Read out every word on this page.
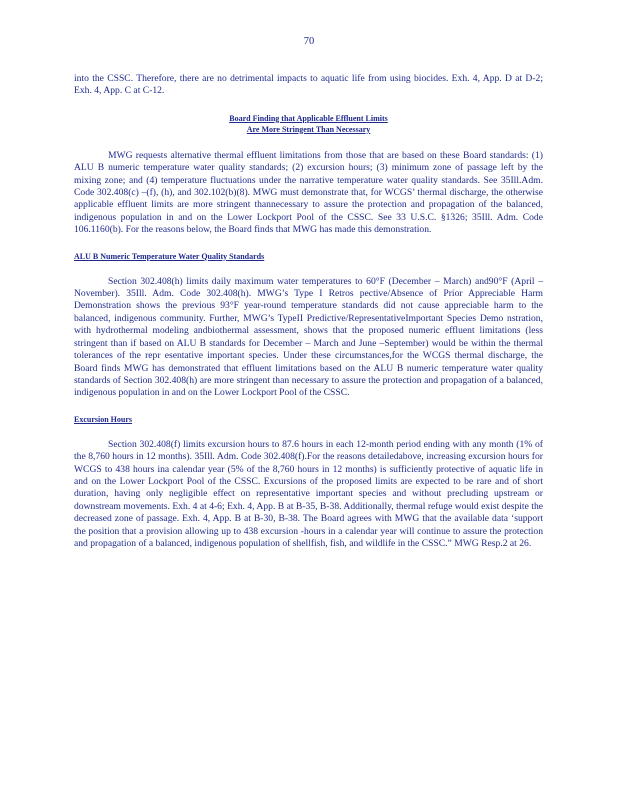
70

into the CSSC. Therefore, there are no detrimental impacts to aquatic life from using biocides. Exh. 4, App. D at D-2; Exh. 4, App. C at C-12.

Board Finding that Applicable Effluent Limits
Are More Stringent Than Necessary

MWG requests alternative thermal effluent limitations from those that are based on these Board standards: (1) ALU B numeric temperature water quality standards; (2) excursion hours; (3) minimum zone of passage left by the mixing zone; and (4) temperature fluctuations under the narrative temperature water quality standards. See 35Ill.Adm. Code 302.408(c) –(f), (h), and 302.102(b)(8). MWG must demonstrate that, for WCGS’ thermal discharge, the otherwise applicable effluent limits are more stringent thannecessary to assure the protection and propagation of the balanced, indigenous population in and on the Lower Lockport Pool of the CSSC. See 33 U.S.C. §1326; 35Ill. Adm. Code 106.1160(b). For the reasons below, the Board finds that MWG has made this demonstration.

ALU B Numeric Temperature Water Quality Standards

Section 302.408(h) limits daily maximum water temperatures to 60°F (December – March) and90°F (April – November). 35Ill. Adm. Code 302.408(h). MWG’s Type I Retros pective/Absence of Prior Appreciable Harm Demonstration shows the previous 93°F year-round temperature standards did not cause appreciable harm to the balanced, indigenous community. Further, MWG’s TypeII Predictive/RepresentativeImportant Species Demo nstration, with hydrothermal modeling andbiothermal assessment, shows that the proposed numeric effluent limitations (less stringent than if based on ALU B standards for December – March and June –September) would be within the thermal tolerances of the repr esentative important species. Under these circumstances,for the WCGS thermal discharge, the Board finds MWG has demonstrated that effluent limitations based on the ALU B numeric temperature water quality standards of Section 302.408(h) are more stringent than necessary to assure the protection and propagation of a balanced, indigenous population in and on the Lower Lockport Pool of the CSSC.

Excursion Hours

Section 302.408(f) limits excursion hours to 87.6 hours in each 12-month period ending with any month (1% of the 8,760 hours in 12 months). 35Ill. Adm. Code 302.408(f).For the reasons detailedabove, increasing excursion hours for WCGS to 438 hours ina calendar year (5% of the 8,760 hours in 12 months) is sufficiently protective of aquatic life in and on the Lower Lockport Pool of the CSSC. Excursions of the proposed limits are expected to be rare and of short duration, having only negligible effect on representative important species and without precluding upstream or downstream movements. Exh. 4 at 4-6; Exh. 4, App. B at B-35, B-38. Additionally, thermal refuge would exist despite the decreased zone of passage. Exh. 4, App. B at B-30, B-38. The Board agrees with MWG that the available data ‘support the position that a provision allowing up to 438 excursion -hours in a calendar year will continue to assure the protection and propagation of a balanced, indigenous population of shellfish, fish, and wildlife in the CSSC.” MWG Resp.2 at 26.
